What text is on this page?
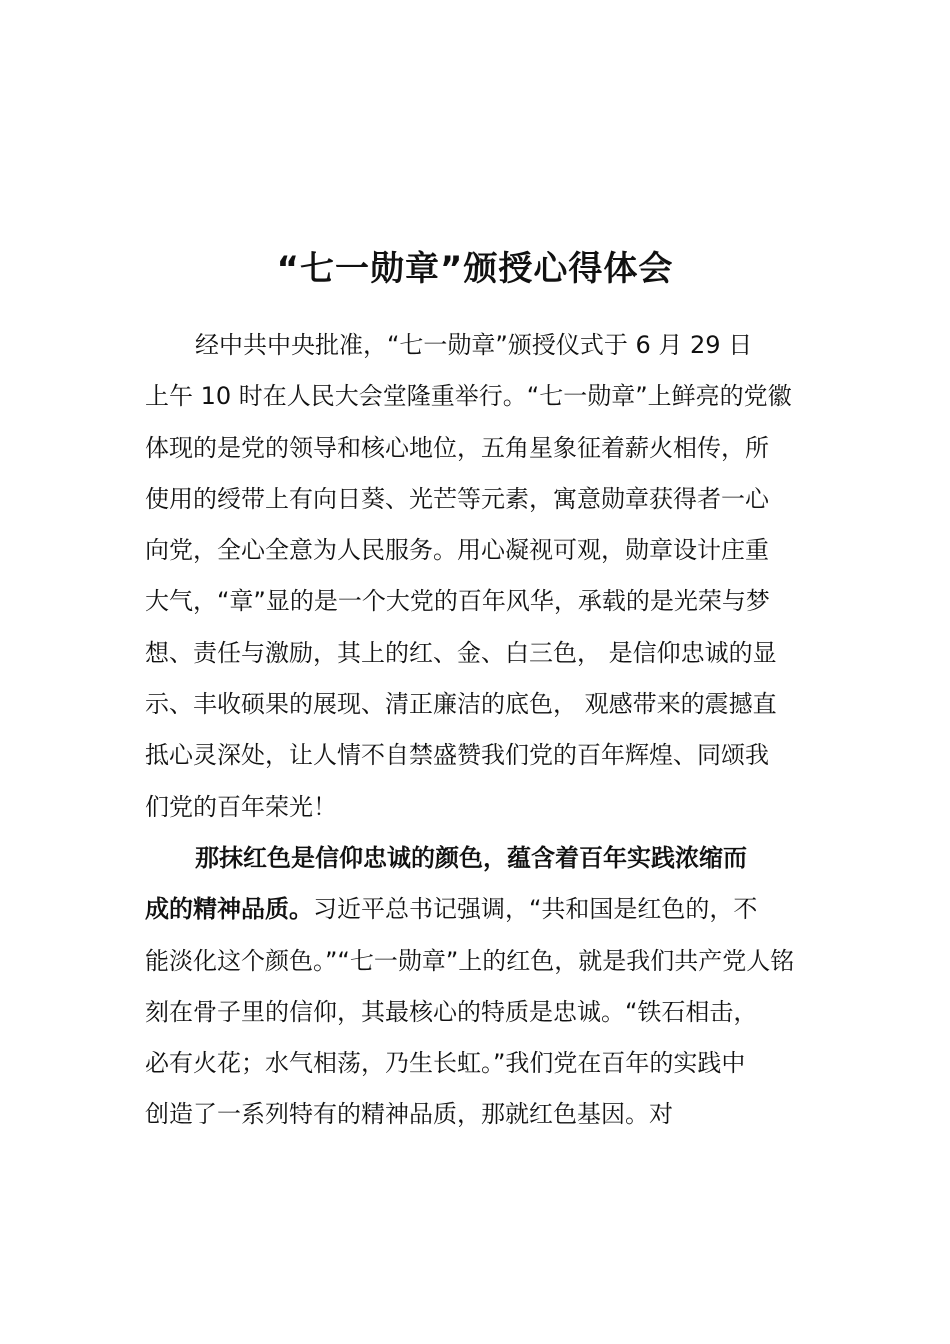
“七一勋章”颁授心得体会
经中共中央批准，“七一勋章”颁授仪式于 6 月 29 日
上午 10 时在人民大会堂隆重举行。“七一勋章”上鲜亮的党徽
体现的是党的领导和核心地位，五角星象征着薪火相传，所
使用的绶带上有向日葵、光芒等元素，寓意勋章获得者一心
向党，全心全意为人民服务。用心凝视可观，勋章设计庄重
大气，“章”显的是一个大党的百年风华，承载的是光荣与梦
想、责任与激励，其上的红、金、白三色， 是信仰忠诚的显
示、丰收硕果的展现、清正廉洁的底色， 观感带来的震撼直
抵心灵深处，让人情不自禁盛赞我们党的百年辉煌、同颂我
们党的百年荣光！
那抹红色是信仰忠诚的颜色，蕴含着百年实践浓缩而
成的精神品质。习近平总书记强调，“共和国是红色的，不
能淡化这个颜色。”“七一勋章”上的红色，就是我们共产党人铭
刻在骨子里的信仰，其最核心的特质是忠诚。“铁石相击，
必有火花；水气相荡，乃生长虹。”我们党在百年的实践中
创造了一系列特有的精神品质，那就红色基因。对
